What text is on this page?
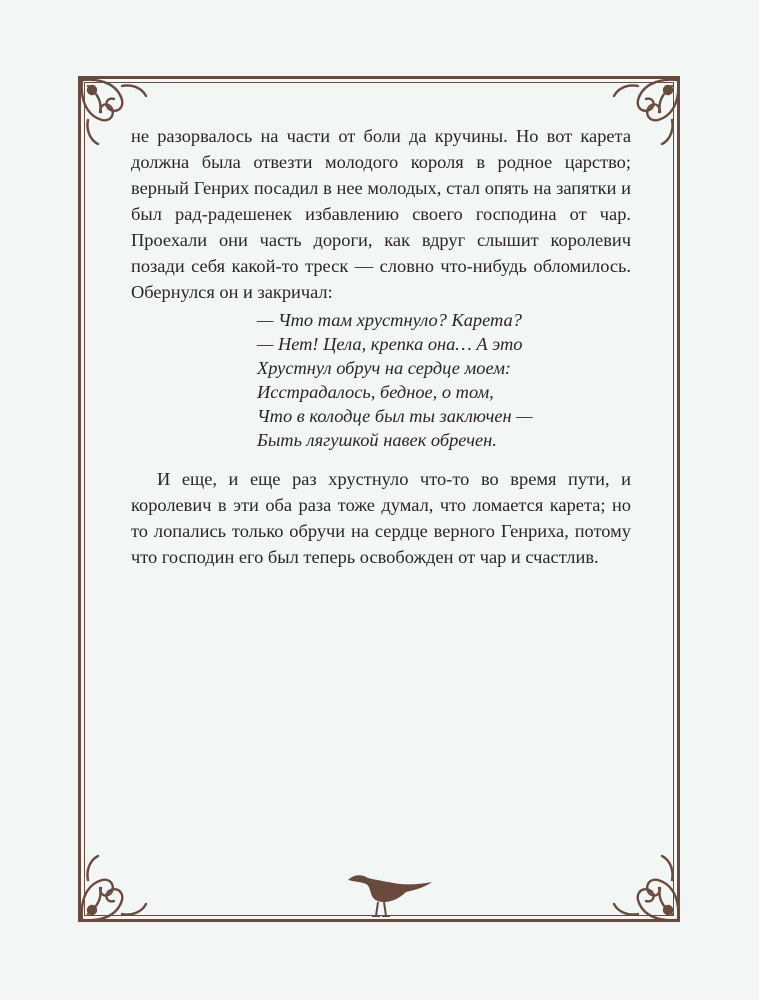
не разорвалось на части от боли да кручины. Но вот карета должна была отвезти молодого короля в родное царство; верный Генрих посадил в нее молодых, стал опять на запятки и был рад-радешенек избавлению своего господина от чар. Проехали они часть дороги, как вдруг слышит королевич позади себя какой-то треск — словно что-нибудь обломилось. Обернулся он и закричал:

— Что там хрустнуло? Карета?
— Нет! Цела, крепка она… А это
Хрустнул обруч на сердце моем:
Исстрадалось, бедное, о том,
Что в колодце был ты заключен —
Быть лягушкой навек обречен.

И еще, и еще раз хрустнуло что-то во время пути, и королевич в эти оба раза тоже думал, что ломается карета; но то лопались только обручи на сердце верного Генриха, потому что господин его был теперь освобожден от чар и счастлив.
